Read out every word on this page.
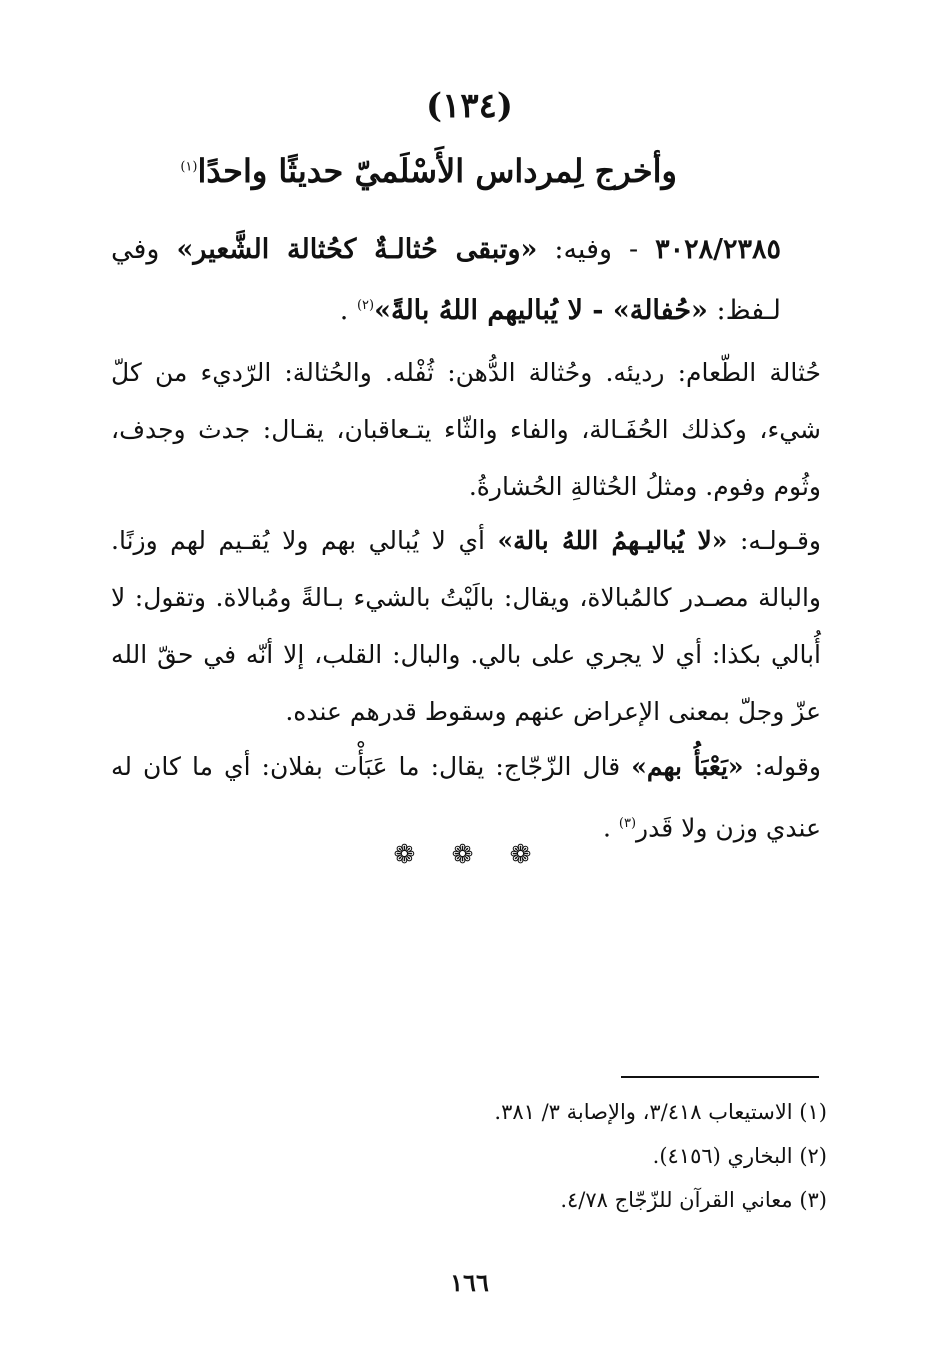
(١٣٤)
وأخرج لِمرداس الأَسْلَميّ حديثًا واحدًا$^{(١)}$
٣٠٢٨/٢٣٨٥ - وفيه: «وتبقى حُثالـةٌ كحُثالة الشَّعير» وفي لـفظ: «حُفالة» - لا يُباليهم اللهُ بالةً»$^{(٢)}$ .
حُثالة الطّعام: رديئه. وحُثالة الدُّهن: ثُفْله. والحُثالة: الرّديء من كلّ شيء، وكذلك الحُفَـالة، والفاء والثّاء يتـعاقبان، يقـال: جدث وجدف، وثُوم وفوم. ومثلُ الحُثالةِ الحُشارةُ.
وقـولـه: «لا يُباليـهمُ اللهُ بالة» أي لا يُبالي بهم ولا يُقـيم لهم وزنًا. والبالة مصـدر كالمُبالاة، ويقال: بالَيْتُ بالشيء بـالةً ومُبالاة. وتقول: لا أُبالي بكذا: أي لا يجري على بالي. والبال: القلب، إلا أنّه في حقّ الله عزّ وجلّ بمعنى الإعراض عنهم وسقوط قدرهم عنده.
وقوله: «يَعْبَأُ بهم» قال الزّجّاج: يقال: ما عَبَأْت بفلان: أي ما كان له عندي وزن ولا قَدر$^{(٣)}$ .
❁ ❁ ❁
(١) الاستيعاب ٣/٤١٨، والإصابة ٣/ ٣٨١.
(٢) البخاري (٤١٥٦).
(٣) معاني القرآن للزّجّاج ٤/٧٨.
١٦٦
